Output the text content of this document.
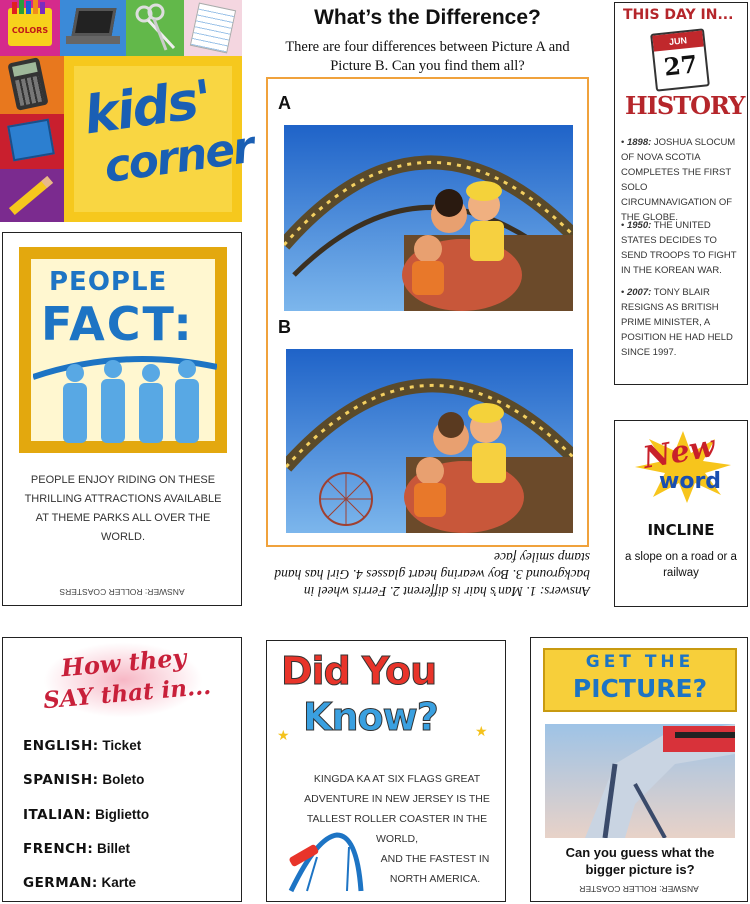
COLORS
kids'
corner
What’s the Difference?
There are four differences between Picture A and Picture B. Can you find them all?
A
B
Answers: 1. Man’s hair is different 2. Ferris wheel in background 3. Boy wearing heart glasses 4. Girl has hand stamp smiley face
THIS DAY IN...
JUN
27
HISTORY
• 1898: JOSHUA SLOCUM OF NOVA SCOTIA COMPLETES THE FIRST SOLO CIRCUMNAVIGATION OF THE GLOBE.
• 1950: THE UNITED STATES DECIDES TO SEND TROOPS TO FIGHT IN THE KOREAN WAR.
• 2007: TONY BLAIR RESIGNS AS BRITISH PRIME MINISTER, A POSITION HE HAD HELD SINCE 1997.
New
word
INCLINE
a slope on a road or a railway
PEOPLE
FACT:
PEOPLE ENJOY RIDING ON THESE THRILLING ATTRACTIONS AVAILABLE AT THEME PARKS ALL OVER THE WORLD.
ANSWER: ROLLER COASTERS
How they
SAY that in...
ENGLISH: Ticket
SPANISH: Boleto
ITALIAN: Biglietto
FRENCH: Billet
GERMAN: Karte
Did You
Know?
★	★
KINGDA KA AT SIX FLAGS GREAT ADVENTURE IN NEW JERSEY IS THE TALLEST ROLLER COASTER IN THE WORLD,
AND THE FASTEST IN NORTH AMERICA.
GET THE
PICTURE?
Can you guess what the bigger picture is?
ANSWER: ROLLER COASTER
